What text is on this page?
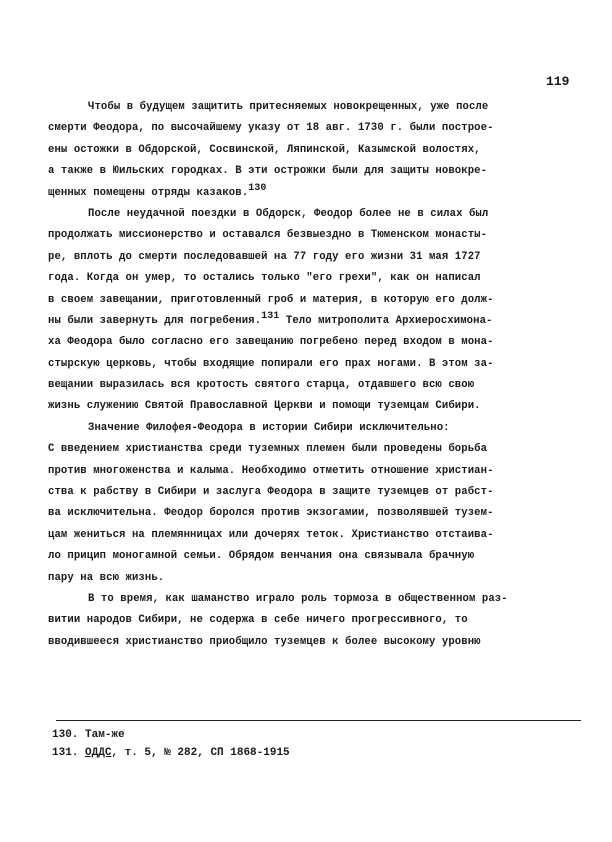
119
Чтобы в будущем защитить притесняемых новокрещенных, уже после
смерти Феодора, по высочайшему указу от 18 авг. 1730 г. были построе-
ены остожки в Обдорской, Сосвинской, Ляпинской, Казымской волостях,
а также в Юильских городках. В эти острожки были для защиты новокре-
щенных помещены отряды казаков.$^{130}$
После неудачной поездки в Обдорск, Феодор более не в силах был
продолжать миссионерство и оставался безвыездно в Тюменском монасты-
ре, вплоть до смерти последовавшей на 77 году его жизни 31 мая 1727
года. Когда он умер, то остались только "его грехи", как он написал
в своем завещании, приготовленный гроб и материя, в которую его долж-
ны были завернуть для погребения.$^{131}$ Тело митрополита Архиеросхимона-
ха Феодора было согласно его завещанию погребено перед входом в мона-
стырскую церковь, чтобы входящие попирали его прах ногами. В этом за-
вещании выразилась вся кротость святого старца, отдавшего всю свою
жизнь служению Святой Православной Церкви и помощи туземцам Сибири.
Значение Филофея-Феодора в истории Сибири исключительно:
С введением христианства среди туземных племен были проведены борьба
против многоженства и калыма. Необходимо отметить отношение христиан-
ства к рабству в Сибири и заслуга Феодора в защите туземцев от рабст-
ва исключительна. Феодор боролся против экзогамии, позволявшей тузем-
цам жениться на племянницах или дочерях теток. Христианство отстаива-
ло прицип моногамной семьи. Обрядом венчания она связывала брачную
пару на всю жизнь.
В то время, как шаманство играло роль тормоза в общественном раз-
витии народов Сибири, не содержа в себе ничего прогрессивного, то
вводившееся христианство приобщило туземцев к более высокому уровню
130. Там-же
131. ОДДС, т. 5, № 282, СП 1868-1915
